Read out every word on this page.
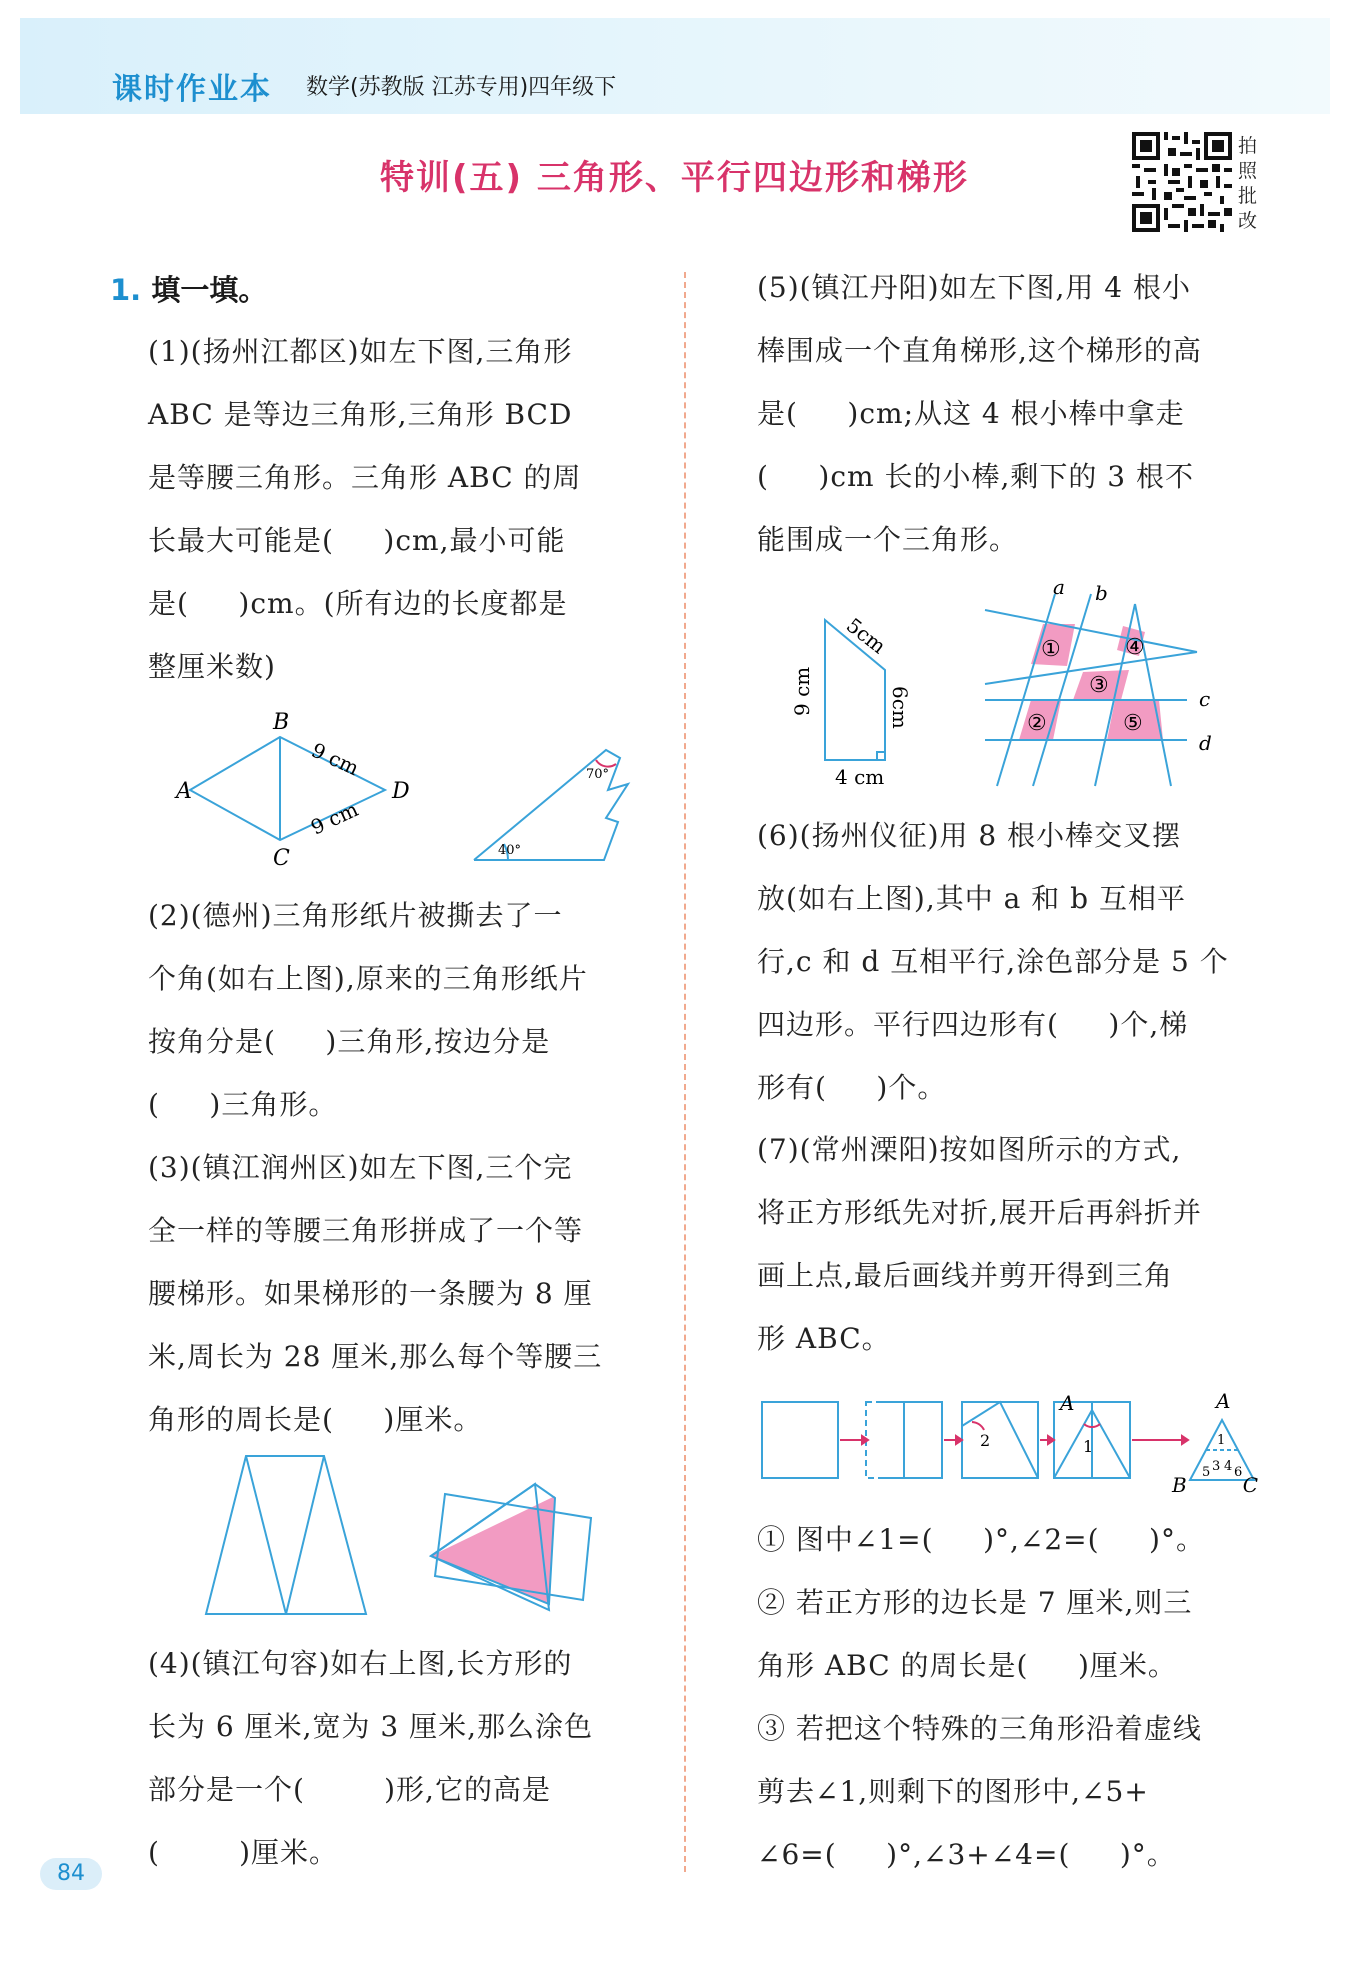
课时作业本 数学(苏教版 江苏专用)四年级下
特训(五) 三角形、平行四边形和梯形
拍照批改
1. 填一填。
(1)(扬州江都区)如左下图,三角形
ABC 是等边三角形,三角形 BCD
是等腰三角形。三角形 ABC 的周
长最大可能是(     )cm,最小可能
是(     )cm。(所有边的长度都是
整厘米数)
A
B
C
D
9 cm
9 cm
70°
40°
(2)(德州)三角形纸片被撕去了一
个角(如右上图),原来的三角形纸片
按角分是(     )三角形,按边分是
(     )三角形。
(3)(镇江润州区)如左下图,三个完
全一样的等腰三角形拼成了一个等
腰梯形。如果梯形的一条腰为 8 厘
米,周长为 28 厘米,那么每个等腰三
角形的周长是(     )厘米。
(4)(镇江句容)如右上图,长方形的
长为 6 厘米,宽为 3 厘米,那么涂色
部分是一个(        )形,它的高是
(        )厘米。
(5)(镇江丹阳)如左下图,用 4 根小
棒围成一个直角梯形,这个梯形的高
是(     )cm;从这 4 根小棒中拿走
(     )cm 长的小棒,剩下的 3 根不
能围成一个三角形。
5cm
9 cm	6cm
4 cm
a b
c
d
①
②
③
④
⑤
(6)(扬州仪征)用 8 根小棒交叉摆
放(如右上图),其中 a 和 b 互相平
行,c 和 d 互相平行,涂色部分是 5 个
四边形。平行四边形有(     )个,梯
形有(     )个。
(7)(常州溧阳)按如图所示的方式,
将正方形纸先对折,展开后再斜折并
画上点,最后画线并剪开得到三角
形 ABC。
2	1
A	A
B	C
1
5 3 4 6
① 图中∠1=(     )°,∠2=(     )°。
② 若正方形的边长是 7 厘米,则三
角形 ABC 的周长是(     )厘米。
③ 若把这个特殊的三角形沿着虚线
剪去∠1,则剩下的图形中,∠5+
∠6=(     )°,∠3+∠4=(     )°。
84
